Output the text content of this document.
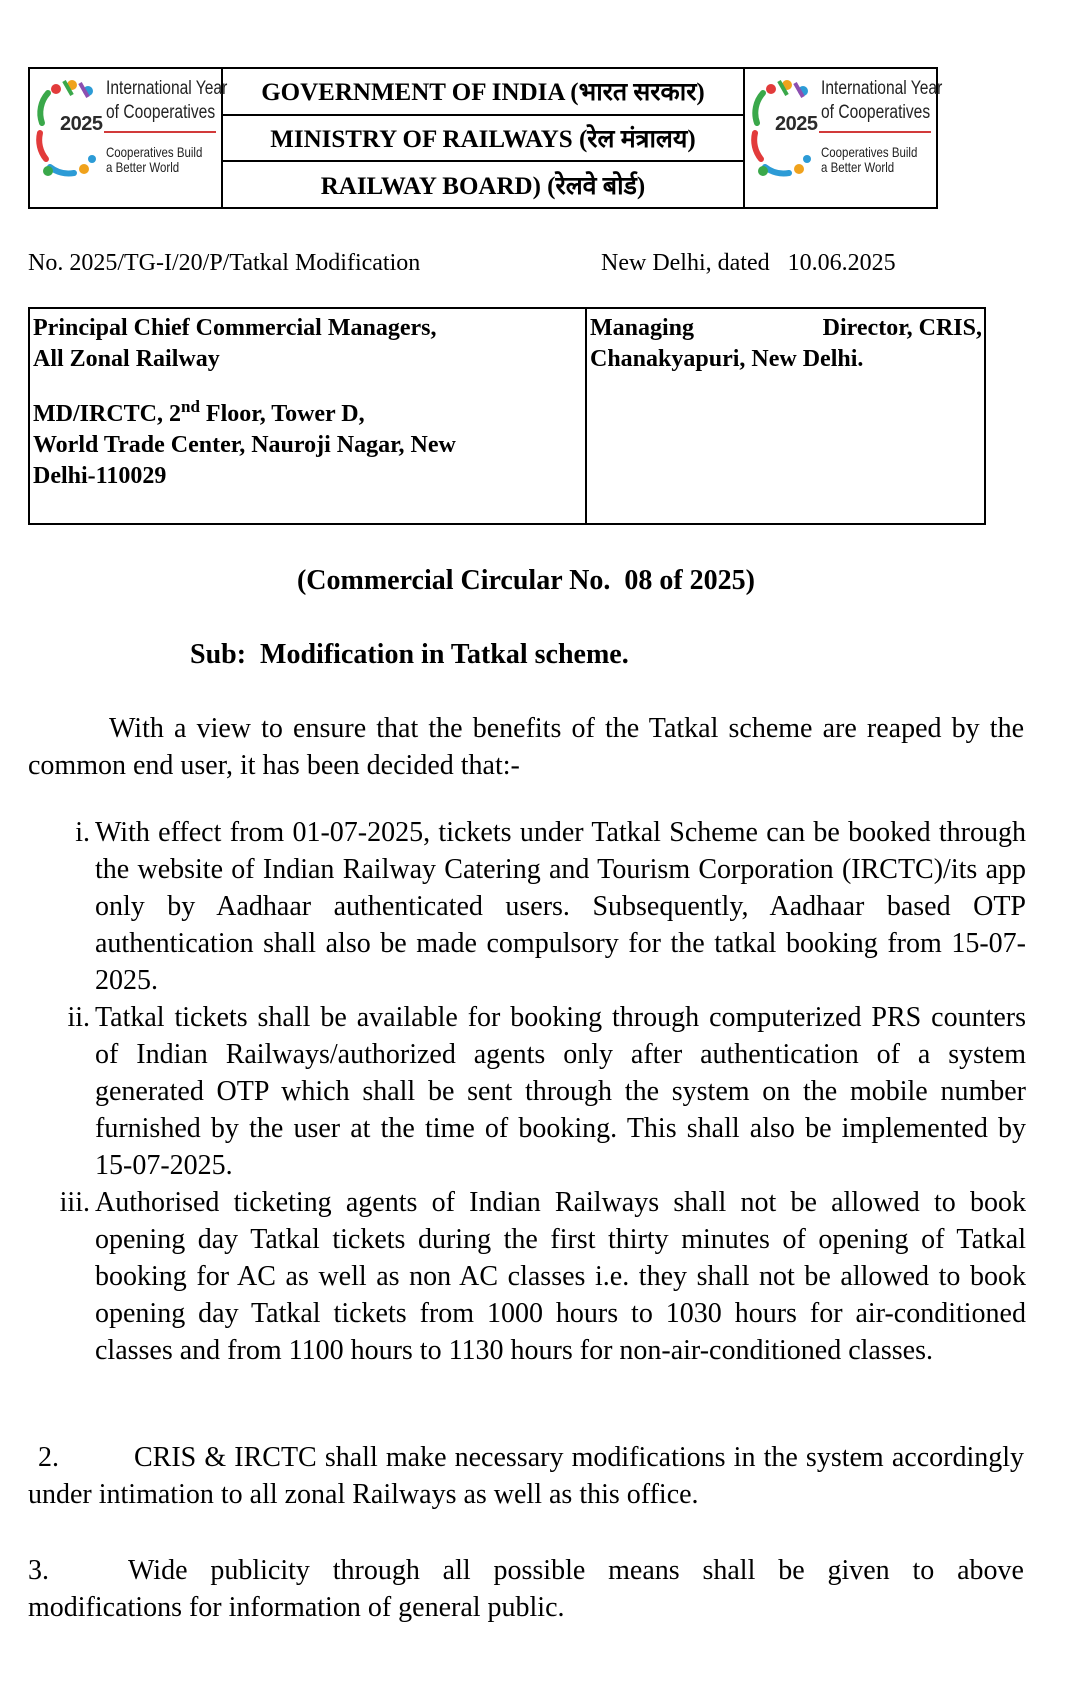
2025
International Year
of Cooperatives
Cooperatives Build
a Better World
GOVERNMENT OF INDIA (भारत सरकार)
MINISTRY OF RAILWAYS (रेल मंत्रालय)
RAILWAY BOARD) (रेलवे बोर्ड)
2025
International Year
of Cooperatives
Cooperatives Build
a Better World
No. 2025/TG-I/20/P/Tatkal Modification	New Delhi, dated   10.06.2025
Principal Chief Commercial Managers,
All Zonal Railway
MD/IRCTC, 2nd Floor, Tower D,
World Trade Center, Nauroji Nagar, New
Delhi-110029
Managing	Director, CRIS,
Chanakyapuri, New Delhi.
(Commercial Circular No.  08 of 2025)
Sub: Modification in Tatkal scheme.
With a view to ensure that the benefits of the Tatkal scheme are reaped by the common end user, it has been decided that:-
i. With effect from 01-07-2025, tickets under Tatkal Scheme can be booked through the website of Indian Railway Catering and Tourism Corporation (IRCTC)/its app only by Aadhaar authenticated users. Subsequently, Aadhaar based OTP authentication shall also be made compulsory for the tatkal booking from 15-07-2025.
ii. Tatkal tickets shall be available for booking through computerized PRS counters of Indian Railways/authorized agents only after authentication of a system generated OTP which shall be sent through the system on the mobile number furnished by the user at the time of booking. This shall also be implemented by 15-07-2025.
iii. Authorised ticketing agents of Indian Railways shall not be allowed to book opening day Tatkal tickets during the first thirty minutes of opening of Tatkal booking for AC as well as non AC classes i.e. they shall not be allowed to book opening day Tatkal tickets from 1000 hours to 1030 hours for air-conditioned classes and from 1100 hours to 1130 hours for non-air-conditioned classes.
2.	CRIS & IRCTC shall make necessary modifications in the system accordingly under intimation to all zonal Railways as well as this office.
3.	Wide publicity through all possible means shall be given to above modifications for information of general public.
